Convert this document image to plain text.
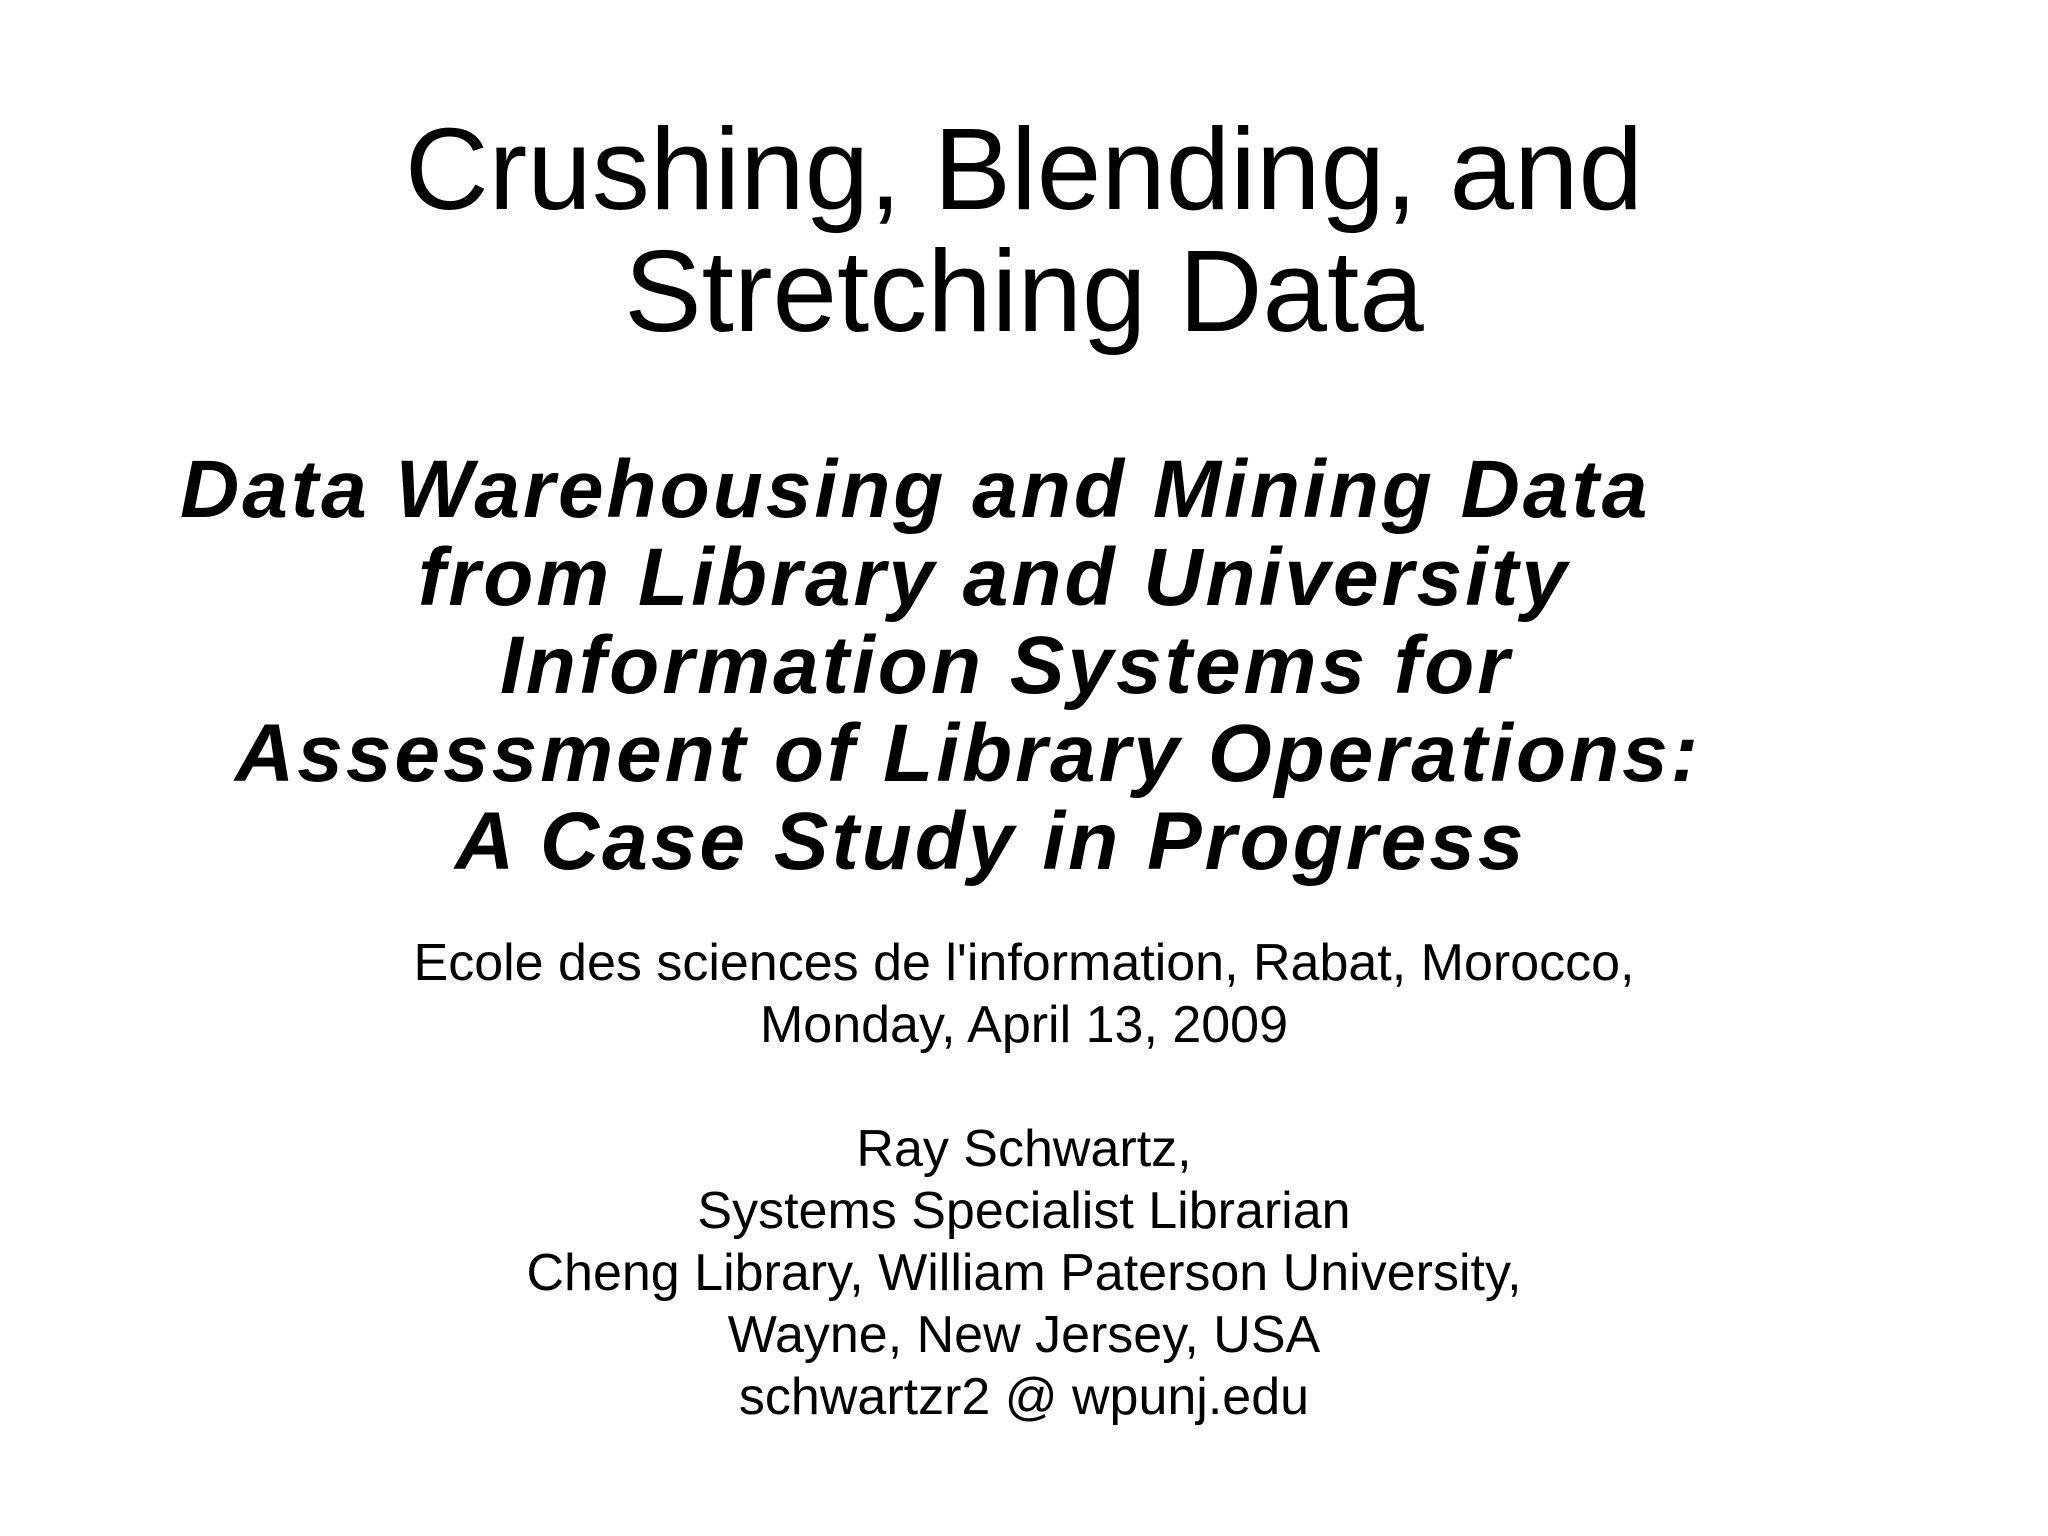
Crushing, Blending, and
Stretching Data
Data Warehousing and Mining Data
from Library and University
Information Systems for
Assessment of Library Operations:
A Case Study in Progress
Ecole des sciences de l'information, Rabat, Morocco,
Monday, April 13, 2009
Ray Schwartz,
Systems Specialist Librarian
Cheng Library, William Paterson University,
Wayne, New Jersey, USA
schwartzr2 @ wpunj.edu
